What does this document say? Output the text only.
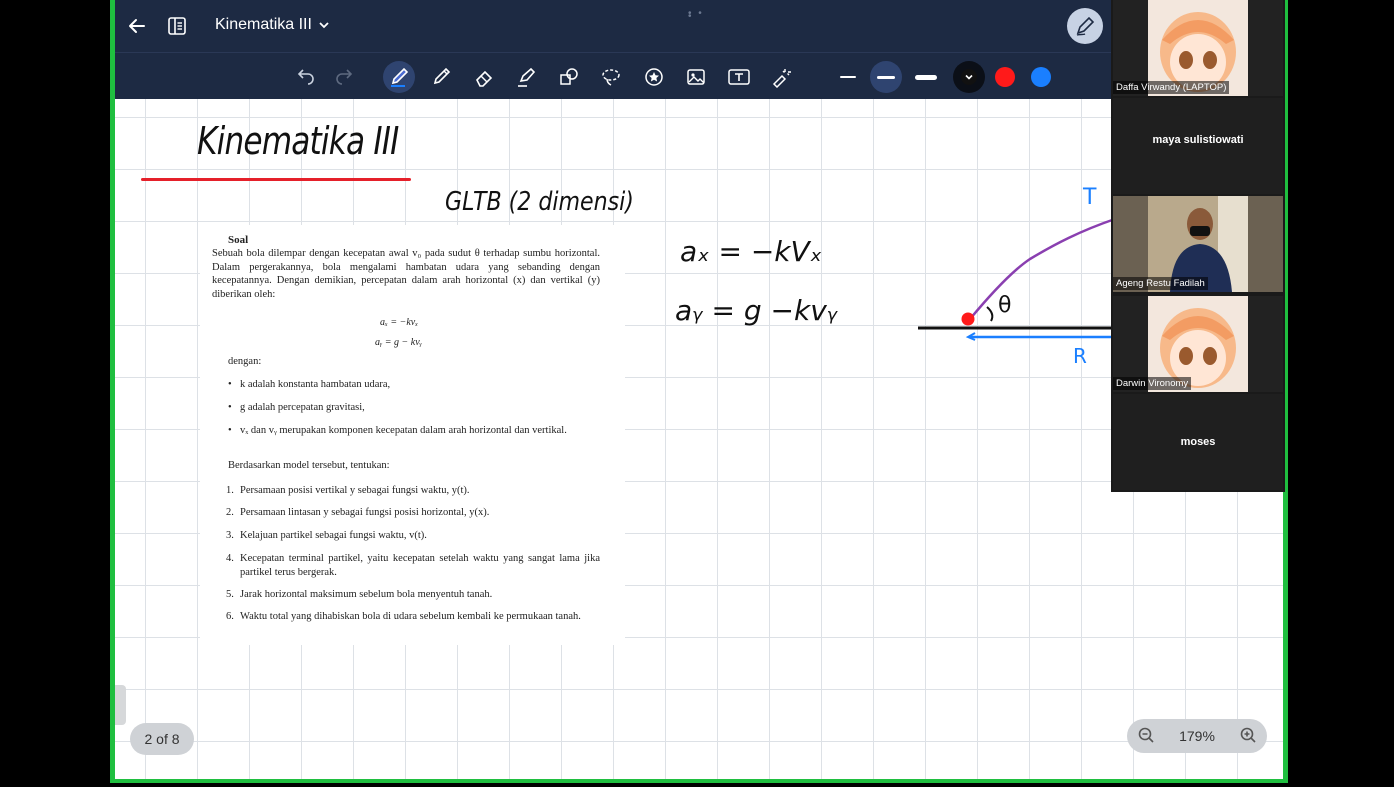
Kinematika III
• • •
Kinematika III
GLTB (2 dimensi)
Soal
Sebuah bola dilempar dengan kecepatan awal v₀ pada sudut θ terhadap sumbu horizontal. Dalam pergerakannya, bola mengalami hambatan udara yang sebanding dengan kecepatannya. Dengan demikian, percepatan dalam arah horizontal (x) dan vertikal (y) diberikan oleh:
aₓ = −kvₓ
aᵧ = g − kvᵧ
dengan:
• k adalah konstanta hambatan udara,
• g adalah percepatan gravitasi,
• vₓ dan vᵧ merupakan komponen kecepatan dalam arah horizontal dan vertikal.
Berdasarkan model tersebut, tentukan:
1. Persamaan posisi vertikal y sebagai fungsi waktu, y(t).
2. Persamaan lintasan y sebagai fungsi posisi horizontal, y(x).
3. Kelajuan partikel sebagai fungsi waktu, v(t).
4. Kecepatan terminal partikel, yaitu kecepatan setelah waktu yang sangat lama jika partikel terus bergerak.
5. Jarak horizontal maksimum sebelum bola menyentuh tanah.
6. Waktu total yang dihabiskan bola di udara sebelum kembali ke permukaan tanah.
aₓ = −kVₓ
aᵧ = g −kvᵧ	θ
T
R
2 of 8	179%
Daffa Virwandy (LAPTOP)
maya sulistiowati
Ageng Restu Fadilah
Darwin Vironomy
moses
